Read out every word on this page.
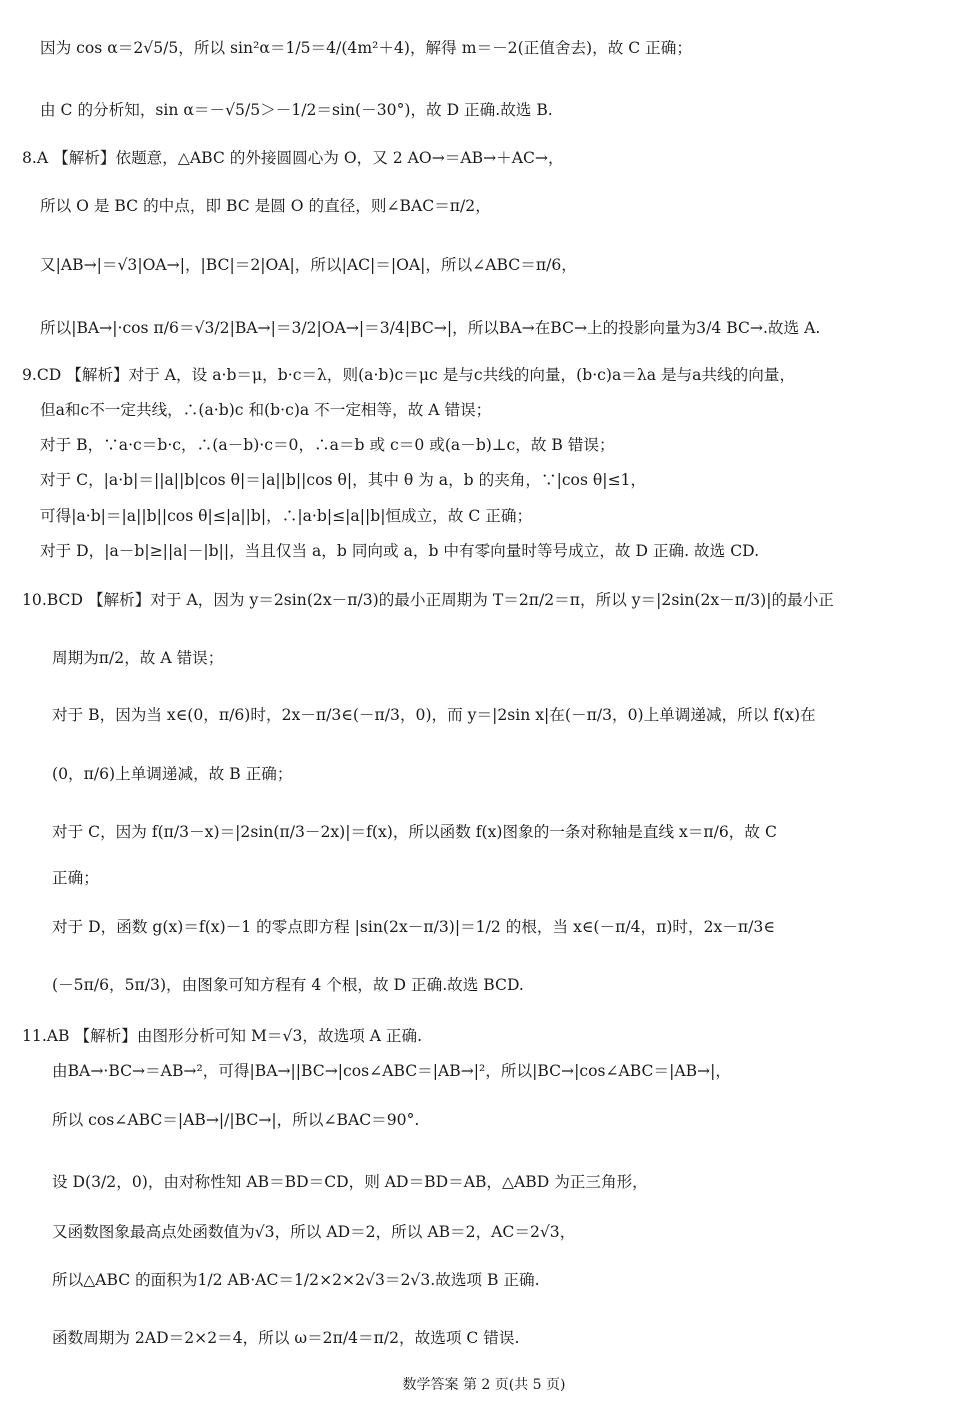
因为 cos α＝2√5/5，所以 sin²α＝1/5＝4/(4m²＋4)，解得 m＝－2(正值舍去)，故 C 正确；
由 C 的分析知，sin α＝－√5/5＞－1/2＝sin(－30°)，故 D 正确.故选 B.
8.A 【解析】依题意，△ABC 的外接圆圆心为 O，又 2 AO→＝AB→＋AC→，
所以 O 是 BC 的中点，即 BC 是圆 O 的直径，则∠BAC＝π/2，
又|AB→|＝√3|OA→|，|BC|＝2|OA|，所以|AC|＝|OA|，所以∠ABC＝π/6，
所以|BA→|·cos π/6＝√3/2|BA→|＝3/2|OA→|＝3/4|BC→|，所以BA→在BC→上的投影向量为3/4 BC→.故选 A.
9.CD 【解析】对于 A，设 a·b＝μ，b·c＝λ，则(a·b)c＝μc 是与c共线的向量，(b·c)a＝λa 是与a共线的向量，
但a和c不一定共线，∴(a·b)c 和(b·c)a 不一定相等，故 A 错误；
对于 B，∵a·c＝b·c，∴(a－b)·c＝0，∴a＝b 或 c＝0 或(a－b)⊥c，故 B 错误；
对于 C，|a·b|＝||a||b|cos θ|＝|a||b||cos θ|，其中 θ 为 a，b 的夹角，∵|cos θ|≤1，
可得|a·b|＝|a||b||cos θ|≤|a||b|，∴|a·b|≤|a||b|恒成立，故 C 正确；
对于 D，|a－b|≥||a|－|b||，当且仅当 a，b 同向或 a，b 中有零向量时等号成立，故 D 正确. 故选 CD.
10.BCD 【解析】对于 A，因为 y＝2sin(2x－π/3)的最小正周期为 T＝2π/2＝π，所以 y＝|2sin(2x－π/3)|的最小正
周期为π/2，故 A 错误；
对于 B，因为当 x∈(0，π/6)时，2x－π/3∈(－π/3，0)，而 y＝|2sin x|在(－π/3，0)上单调递减，所以 f(x)在
(0，π/6)上单调递减，故 B 正确；
对于 C，因为 f(π/3－x)＝|2sin(π/3－2x)|＝f(x)，所以函数 f(x)图象的一条对称轴是直线 x＝π/6，故 C
正确；
对于 D，函数 g(x)＝f(x)－1 的零点即方程 |sin(2x－π/3)|＝1/2 的根，当 x∈(－π/4，π)时，2x－π/3∈
(－5π/6，5π/3)，由图象可知方程有 4 个根，故 D 正确.故选 BCD.
11.AB 【解析】由图形分析可知 M＝√3，故选项 A 正确.
由BA→·BC→＝AB→²，可得|BA→||BC→|cos∠ABC＝|AB→|²，所以|BC→|cos∠ABC＝|AB→|，
所以 cos∠ABC＝|AB→|/|BC→|，所以∠BAC＝90°.
设 D(3/2，0)，由对称性知 AB＝BD＝CD，则 AD＝BD＝AB，△ABD 为正三角形，
又函数图象最高点处函数值为√3，所以 AD＝2，所以 AB＝2，AC＝2√3，
所以△ABC 的面积为1/2 AB·AC＝1/2×2×2√3＝2√3.故选项 B 正确.
函数周期为 2AD＝2×2＝4，所以 ω＝2π/4＝π/2，故选项 C 错误.
数学答案 第 2 页(共 5 页)
